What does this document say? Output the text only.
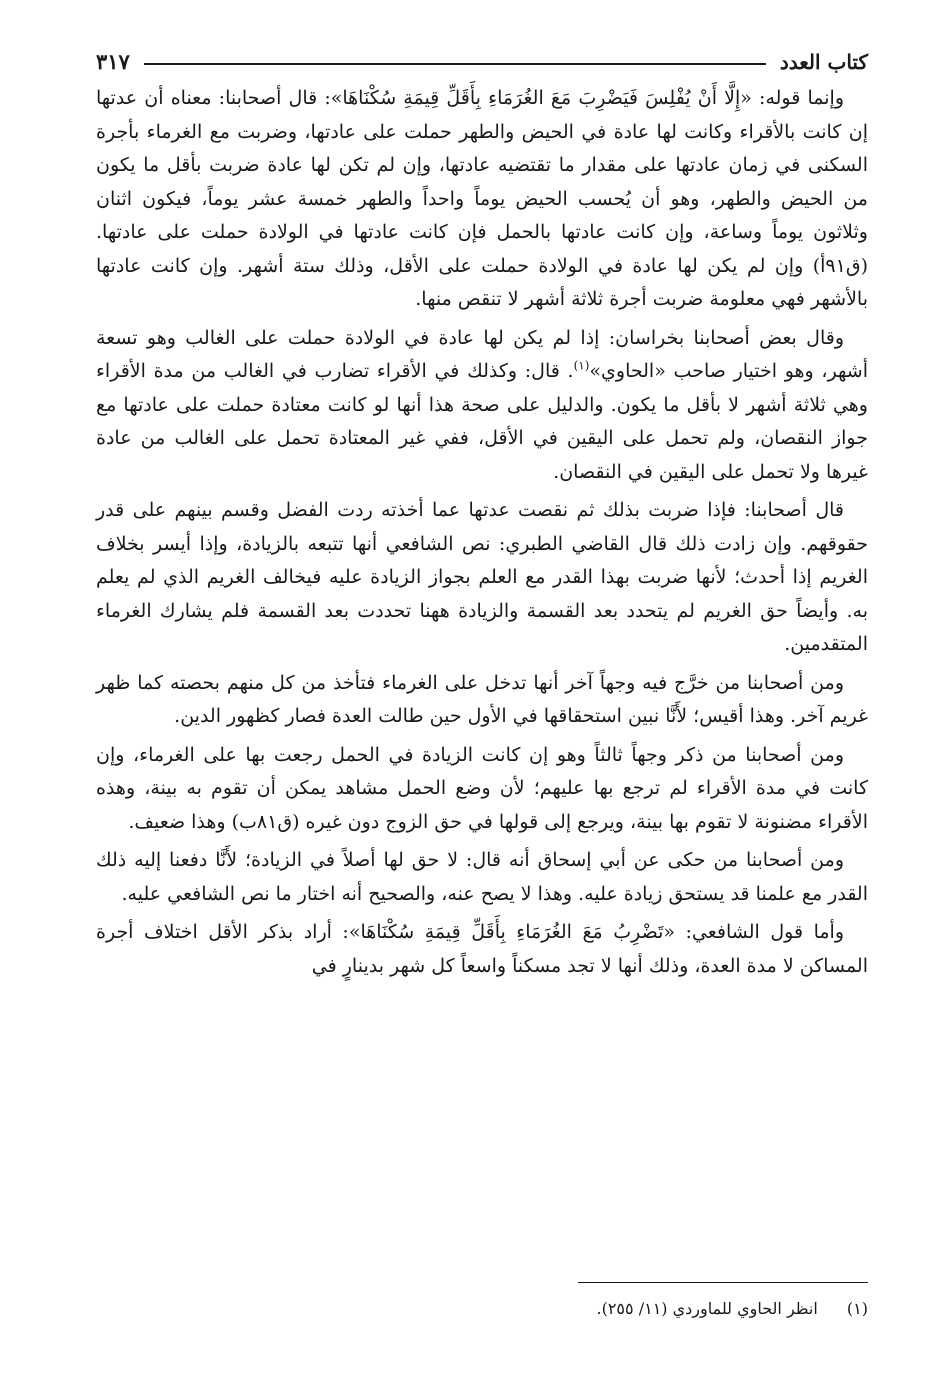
كتاب العدد
٣١٧

وإنما قوله: «إِلَّا أَنْ يُفْلِسَ فَيَضْرِبَ مَعَ الغُرَمَاءِ بِأَقَلِّ قِيمَةِ سُكْنَاهَا»: قال أصحابنا: معناه أن عدتها إن كانت بالأقراء وكانت لها عادة في الحيض والطهر حملت على عادتها، وضربت مع الغرماء بأجرة السكنى في زمان عادتها على مقدار ما تقتضيه عادتها، وإن لم تكن لها عادة ضربت بأقل ما يكون من الحيض والطهر، وهو أن يُحسب الحيض يوماً واحداً والطهر خمسة عشر يوماً، فيكون اثنان وثلاثون يوماً وساعة، وإن كانت عادتها بالحمل فإن كانت عادتها في الولادة حملت على عادتها. (ق٩١أ) وإن لم يكن لها عادة في الولادة حملت على الأقل، وذلك ستة أشهر. وإن كانت عادتها بالأشهر فهي معلومة ضربت أجرة ثلاثة أشهر لا تنقص منها.

وقال بعض أصحابنا بخراسان: إذا لم يكن لها عادة في الولادة حملت على الغالب وهو تسعة أشهر، وهو اختيار صاحب «الحاوي»$^{(١)}$. قال: وكذلك في الأقراء تضارب في الغالب من مدة الأقراء وهي ثلاثة أشهر لا بأقل ما يكون. والدليل على صحة هذا أنها لو كانت معتادة حملت على عادتها مع جواز النقصان، ولم تحمل على اليقين في الأقل، ففي غير المعتادة تحمل على الغالب من عادة غيرها ولا تحمل على اليقين في النقصان.

قال أصحابنا: فإذا ضربت بذلك ثم نقصت عدتها عما أخذته ردت الفضل وقسم بينهم على قدر حقوقهم. وإن زادت ذلك قال القاضي الطبري: نص الشافعي أنها تتبعه بالزيادة، وإذا أيسر بخلاف الغريم إذا أحدث؛ لأنها ضربت بهذا القدر مع العلم بجواز الزيادة عليه فيخالف الغريم الذي لم يعلم به. وأيضاً حق الغريم لم يتحدد بعد القسمة والزيادة ههنا تحددت بعد القسمة فلم يشارك الغرماء المتقدمين.

ومن أصحابنا من خرَّج فيه وجهاً آخر أنها تدخل على الغرماء فتأخذ من كل منهم بحصته كما ظهر غريم آخر. وهذا أقيس؛ لأَنَّا نبين استحقاقها في الأول حين طالت العدة فصار كظهور الدين.

ومن أصحابنا من ذكر وجهاً ثالثاً وهو إن كانت الزيادة في الحمل رجعت بها على الغرماء، وإن كانت في مدة الأقراء لم ترجع بها عليهم؛ لأن وضع الحمل مشاهد يمكن أن تقوم به بينة، وهذه الأقراء مضنونة لا تقوم بها بينة، ويرجع إلى قولها في حق الزوج دون غيره (ق٨١ب) وهذا ضعيف.

ومن أصحابنا من حكى عن أبي إسحاق أنه قال: لا حق لها أصلاً في الزيادة؛ لأَنَّا دفعنا إليه ذلك القدر مع علمنا قد يستحق زيادة عليه. وهذا لا يصح عنه، والصحيح أنه اختار ما نص الشافعي عليه.

وأما قول الشافعي: «تَضْرِبُ مَعَ الغُرَمَاءِ بِأَقَلِّ قِيمَةِ سُكْنَاهَا»: أراد بذكر الأقل اختلاف أجرة المساكن لا مدة العدة، وذلك أنها لا تجد مسكناً واسعاً كل شهر بدينارٍ في

(١) انظر الحاوي للماوردي (١١/ ٢٥٥).
